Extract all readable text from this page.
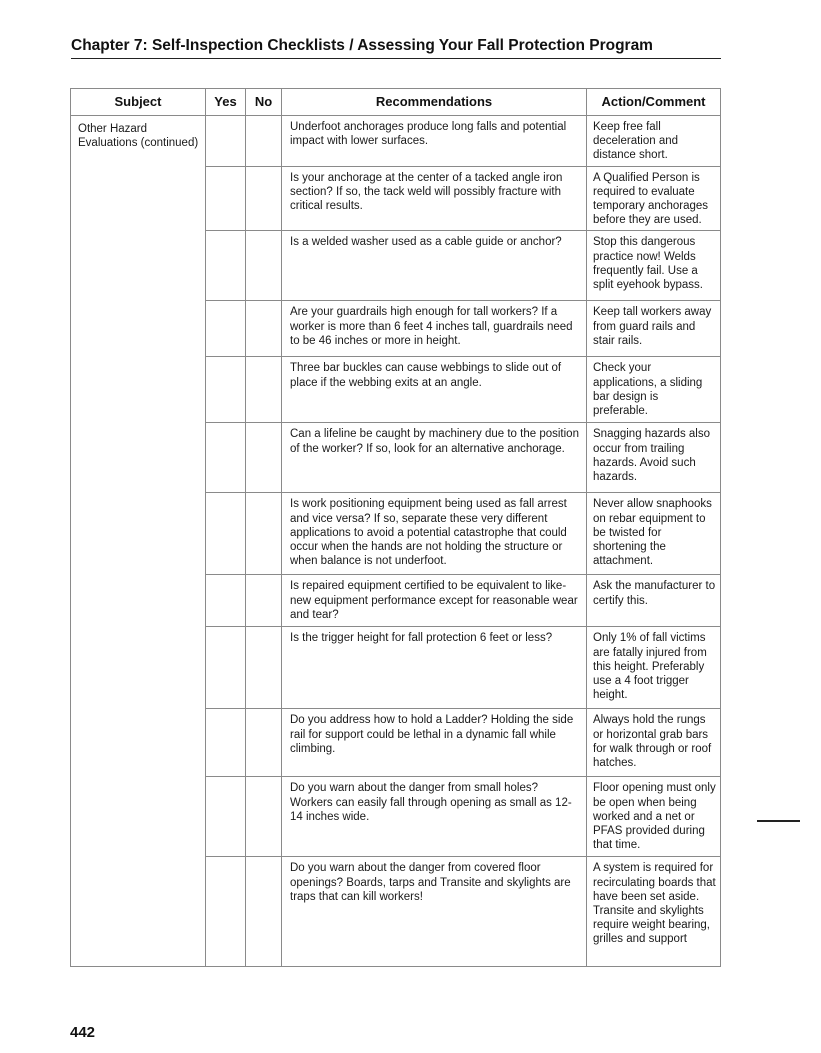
Chapter 7: Self-Inspection Checklists / Assessing Your Fall Protection Program
Subject	Yes	No	Recommendations	Action/Comment
Other Hazard Evaluations (continued)			Underfoot anchorages produce long falls and potential impact with lower surfaces.	Keep free fall deceleration and distance short.
			Is your anchorage at the center of a tacked angle iron section? If so, the tack weld will possibly fracture with critical results.	A Qualified Person is required to evaluate temporary anchorages before they are used.
			Is a welded washer used as a cable guide or anchor?	Stop this dangerous practice now! Welds frequently fail. Use a split eyehook bypass.
			Are your guardrails high enough for tall workers? If a worker is more than 6 feet 4 inches tall, guardrails need to be 46 inches or more in height.	Keep tall workers away from guard rails and stair rails.
			Three bar buckles can cause webbings to slide out of place if the webbing exits at an angle.	Check your applications, a sliding bar design is preferable.
			Can a lifeline be caught by machinery due to the position of the worker? If so, look for an alternative anchorage.	Snagging hazards also occur from trailing hazards. Avoid such hazards.
			Is work positioning equipment being used as fall arrest and vice versa? If so, separate these very different applications to avoid a potential catastrophe that could occur when the hands are not holding the structure or when balance is not underfoot.	Never allow snaphooks on rebar equipment to be twisted for shortening the attachment.
			Is repaired equipment certified to be equivalent to like-new equipment performance except for reasonable wear and tear?	Ask the manufacturer to certify this.
			Is the trigger height for fall protection 6 feet or less?	Only 1% of fall victims are fatally injured from this height. Preferably use a 4 foot trigger height.
			Do you address how to hold a Ladder? Holding the side rail for support could be lethal in a dynamic fall while climbing.	Always hold the rungs or horizontal grab bars for walk through or roof hatches.
			Do you warn about the danger from small holes? Workers can easily fall through opening as small as 12-14 inches wide.	Floor opening must only be open when being worked and a net or PFAS provided during that time.
			Do you warn about the danger from covered floor openings? Boards, tarps and Transite and skylights are traps that can kill workers!	A system is required for recirculating boards that have been set aside. Transite and skylights require weight bearing, grilles and support
442
